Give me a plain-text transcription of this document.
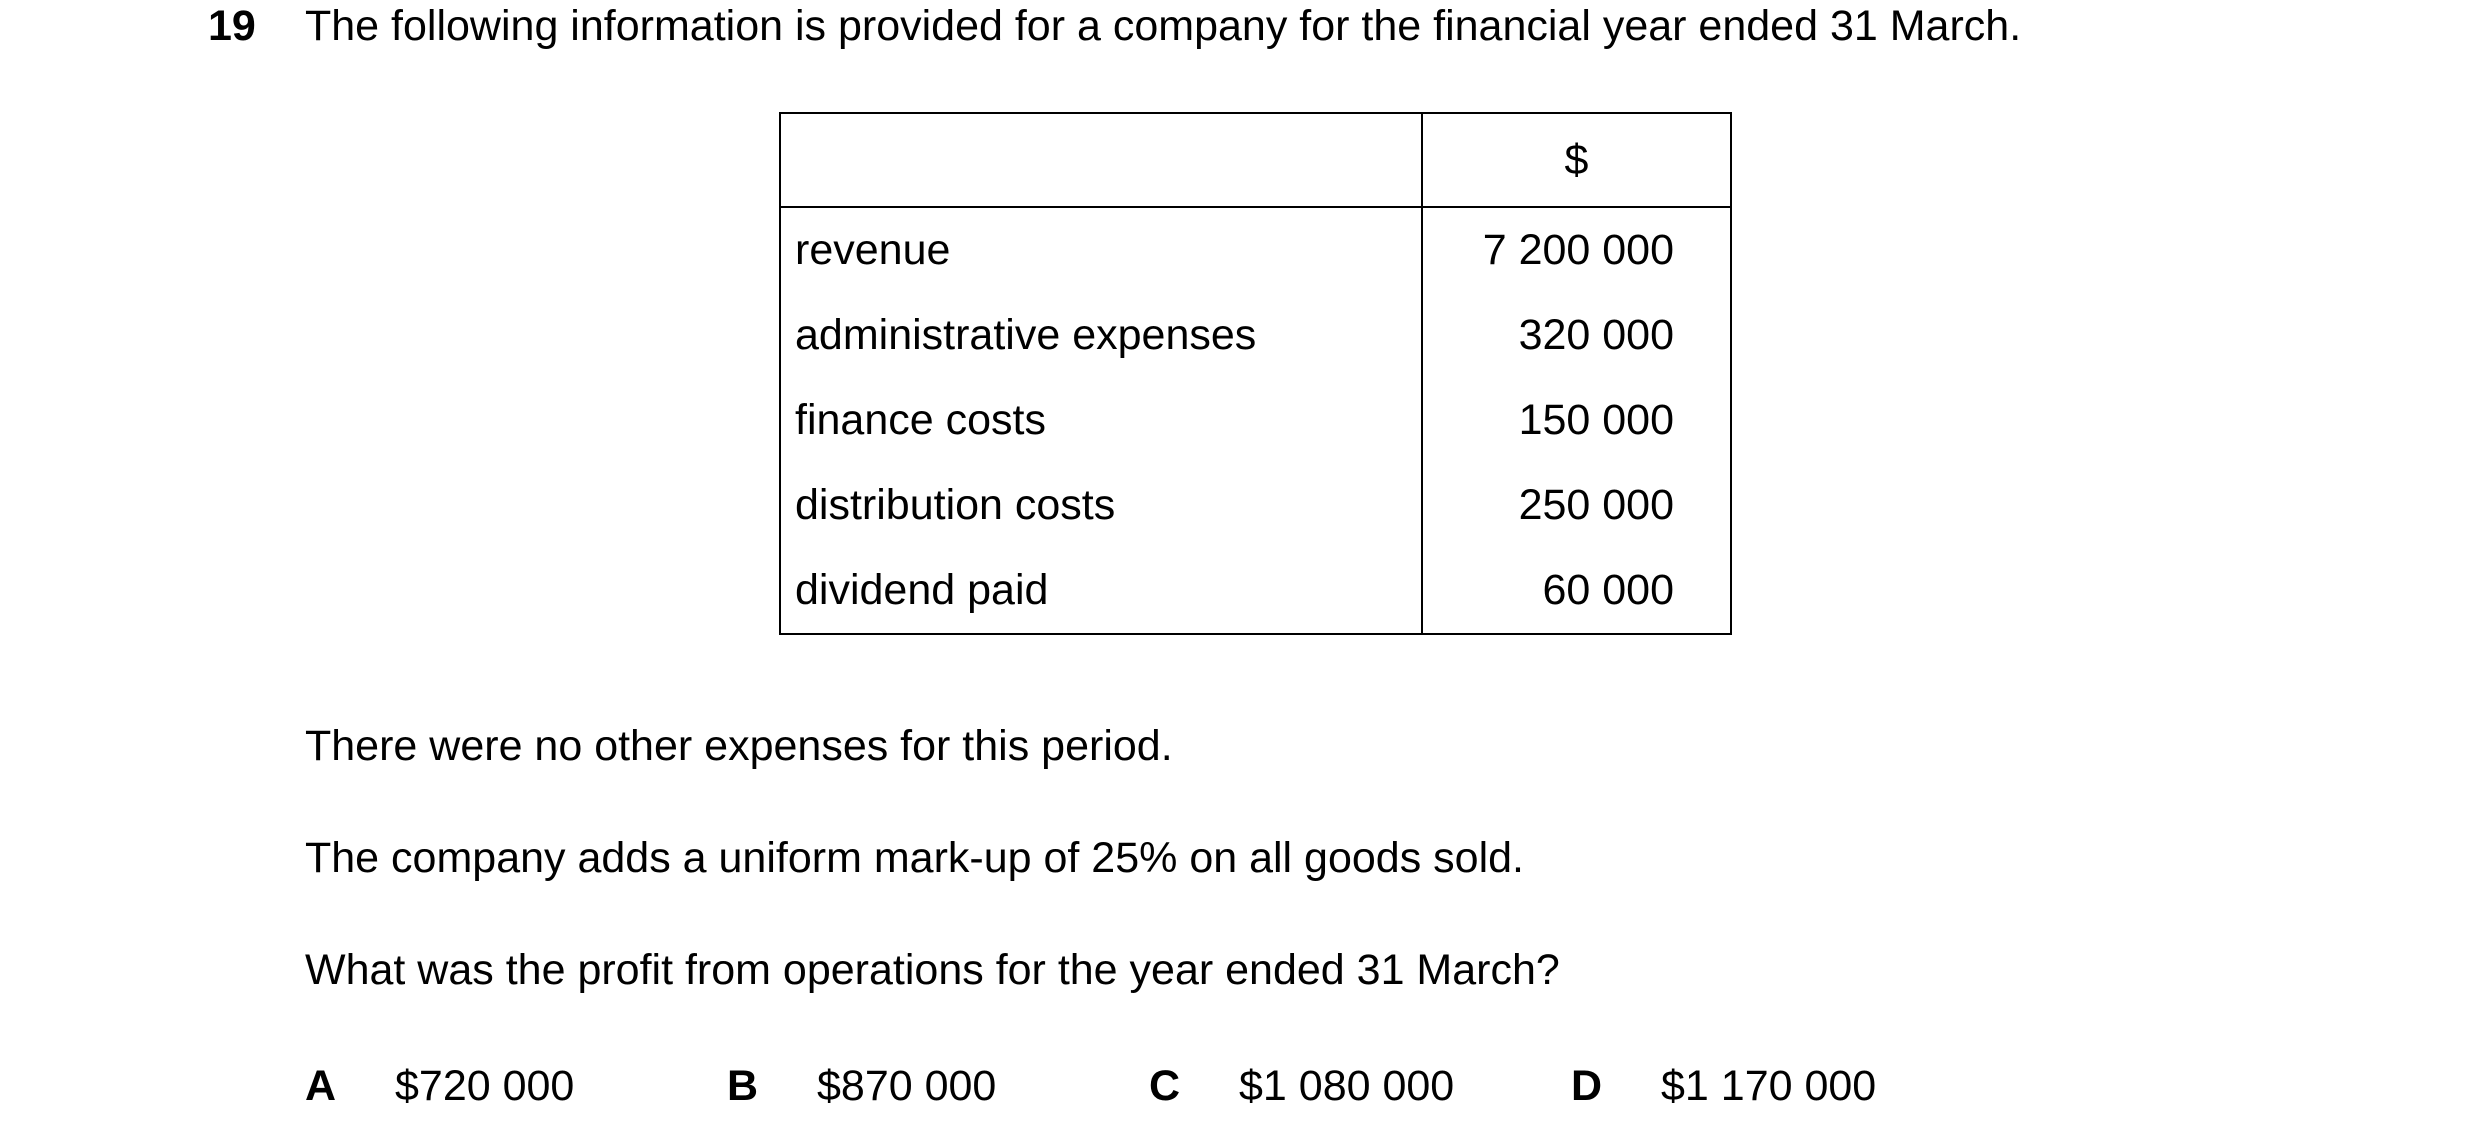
19 The following information is provided for a company for the financial year ended 31 March.
	$
revenue	7 200 000
administrative expenses	320 000
finance costs	150 000
distribution costs	250 000
dividend paid	60 000
There were no other expenses for this period.
The company adds a uniform mark-up of 25% on all goods sold.
What was the profit from operations for the year ended 31 March?
A $720 000	B $870 000	C $1 080 000	D $1 170 000
